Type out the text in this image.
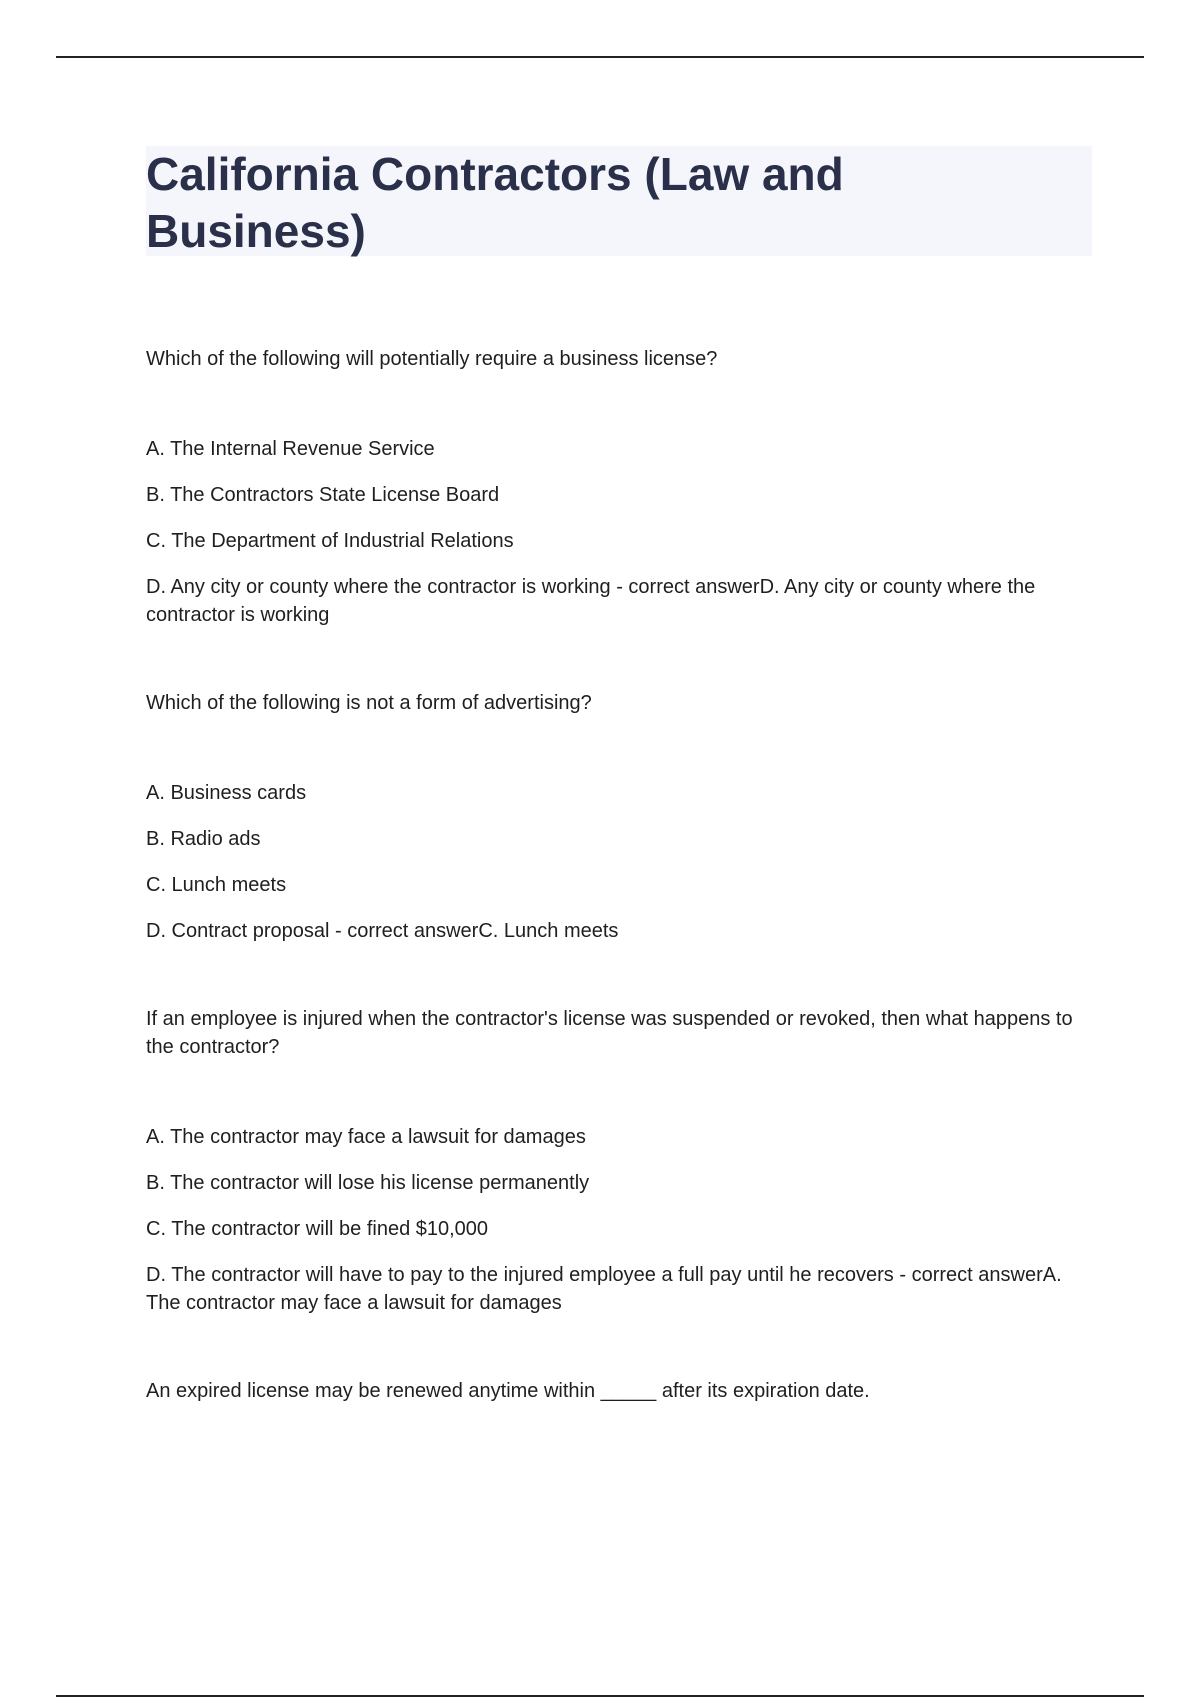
California Contractors (Law and Business)

Which of the following will potentially require a business license?

A. The Internal Revenue Service

B. The Contractors State License Board

C. The Department of Industrial Relations

D. Any city or county where the contractor is working - correct answerD. Any city or county where the contractor is working

Which of the following is not a form of advertising?

A. Business cards

B. Radio ads

C. Lunch meets

D. Contract proposal - correct answerC. Lunch meets

If an employee is injured when the contractor's license was suspended or revoked, then what happens to the contractor?

A. The contractor may face a lawsuit for damages

B. The contractor will lose his license permanently

C. The contractor will be fined $10,000

D. The contractor will have to pay to the injured employee a full pay until he recovers - correct answerA. The contractor may face a lawsuit for damages

An expired license may be renewed anytime within _____ after its expiration date.
